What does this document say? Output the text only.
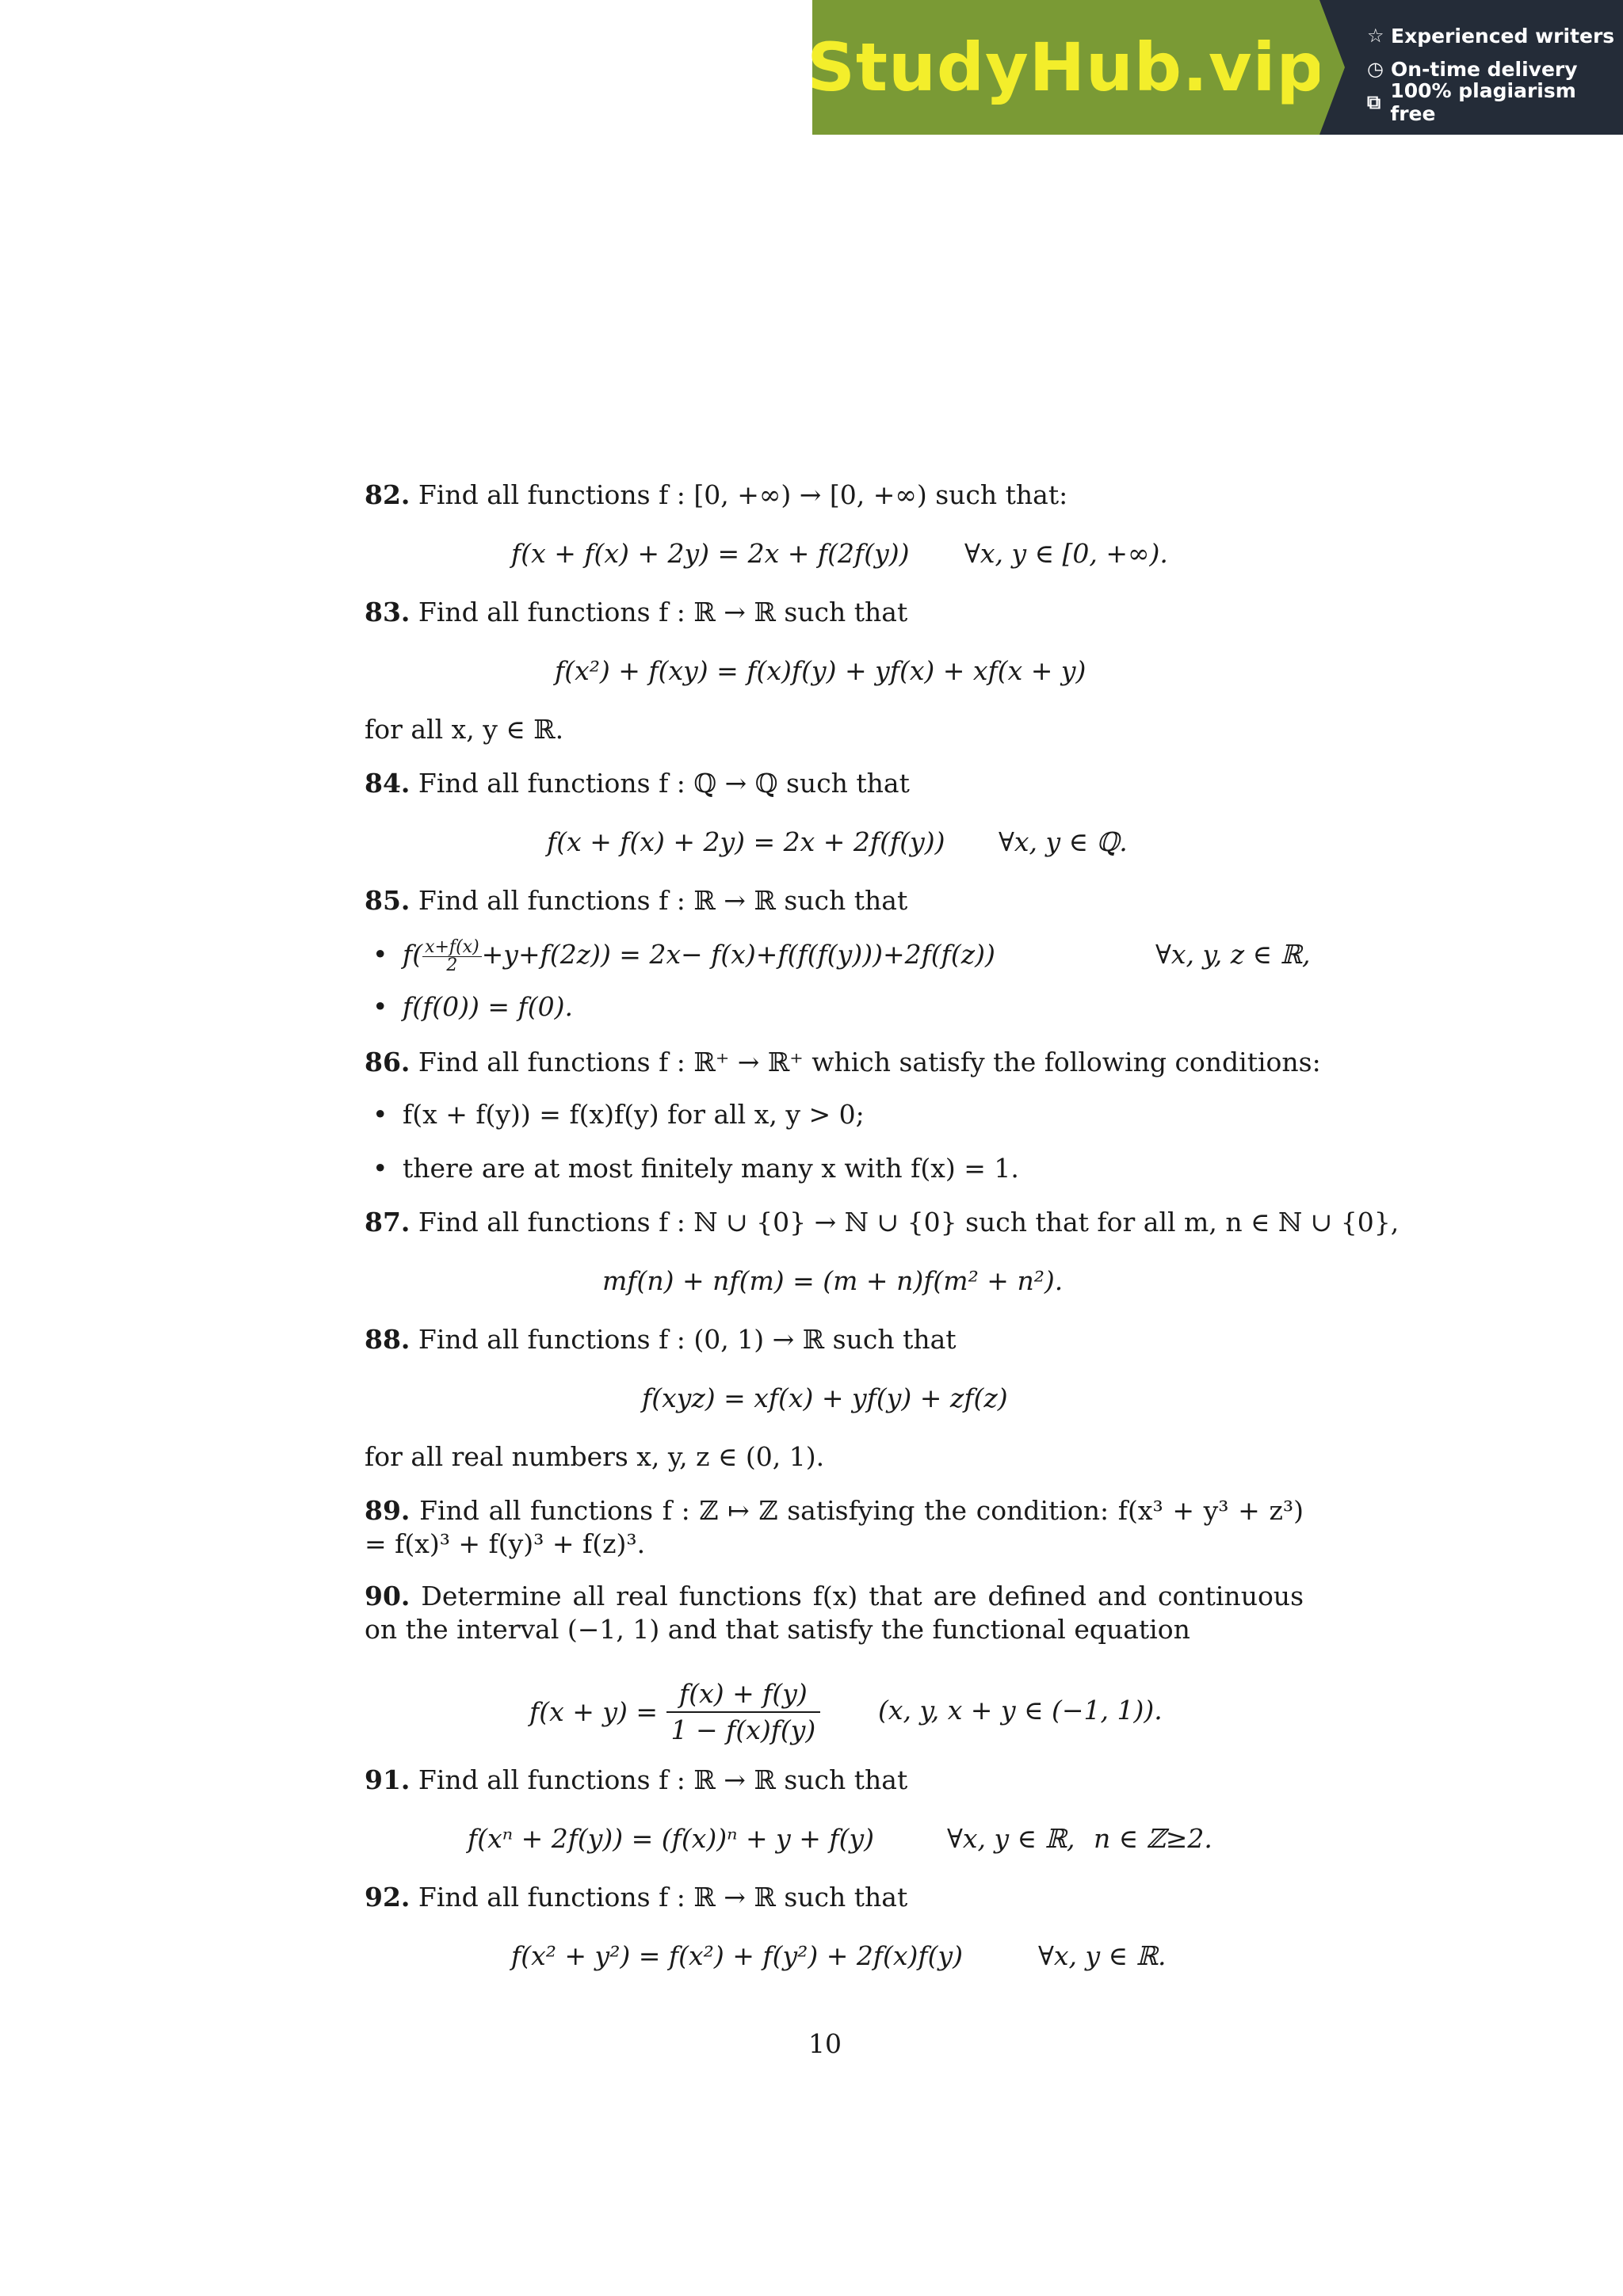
StudyHub.vip ☆ Experienced writers
◷ On-time delivery
⧉ 100% plagiarism free
82. Find all functions f : [0, +∞) → [0, +∞) such that:
f(x + f(x) + 2y) = 2x + f(2f(y)) ∀x, y ∈ [0, +∞).
83. Find all functions f : ℝ → ℝ such that
f(x²) + f(xy) = f(x)f(y) + yf(x) + xf(x + y)
for all x, y ∈ ℝ.
84. Find all functions f : ℚ → ℚ such that
f(x + f(x) + 2y) = 2x + 2f(f(y)) ∀x, y ∈ ℚ.
85. Find all functions f : ℝ → ℝ such that
• $f( \frac{x+f(x)}{2} +y+f(2z)) = 2x- f(x)+f(f(f(y)))+2f(f(z))$	∀x, y, z ∈ ℝ,
• f(f(0)) = f(0).
86. Find all functions f : ℝ⁺ → ℝ⁺ which satisfy the following conditions:
• f(x + f(y)) = f(x)f(y) for all x, y > 0;
• there are at most finitely many x with f(x) = 1.
87. Find all functions f : ℕ ∪ {0} → ℕ ∪ {0} such that for all m, n ∈ ℕ ∪ {0},
mf(n) + nf(m) = (m + n)f(m² + n²).
88. Find all functions f : (0, 1) → ℝ such that
f(xyz) = xf(x) + yf(y) + zf(z)
for all real numbers x, y, z ∈ (0, 1).
89. Find all functions f : ℤ ↦ ℤ satisfying the condition: f(x³ + y³ + z³) = f(x)³ + f(y)³ + f(z)³.
90. Determine all real functions f(x) that are defined and continuous on the interval (−1, 1) and that satisfy the functional equation
$f(x + y) = \frac{f(x) + f(y)}{1 - f(x)f(y)} (x$, y, x + y ∈ (−1, 1)).
91. Find all functions f : ℝ → ℝ such that
f(xⁿ + 2f(y)) = (f(x))ⁿ + y + f(y)	∀x, y ∈ ℝ, n ∈ ℤ≥2.
92. Find all functions f : ℝ → ℝ such that
f(x² + y²) = f(x²) + f(y²) + 2f(x)f(y)	∀x, y ∈ ℝ.
10
